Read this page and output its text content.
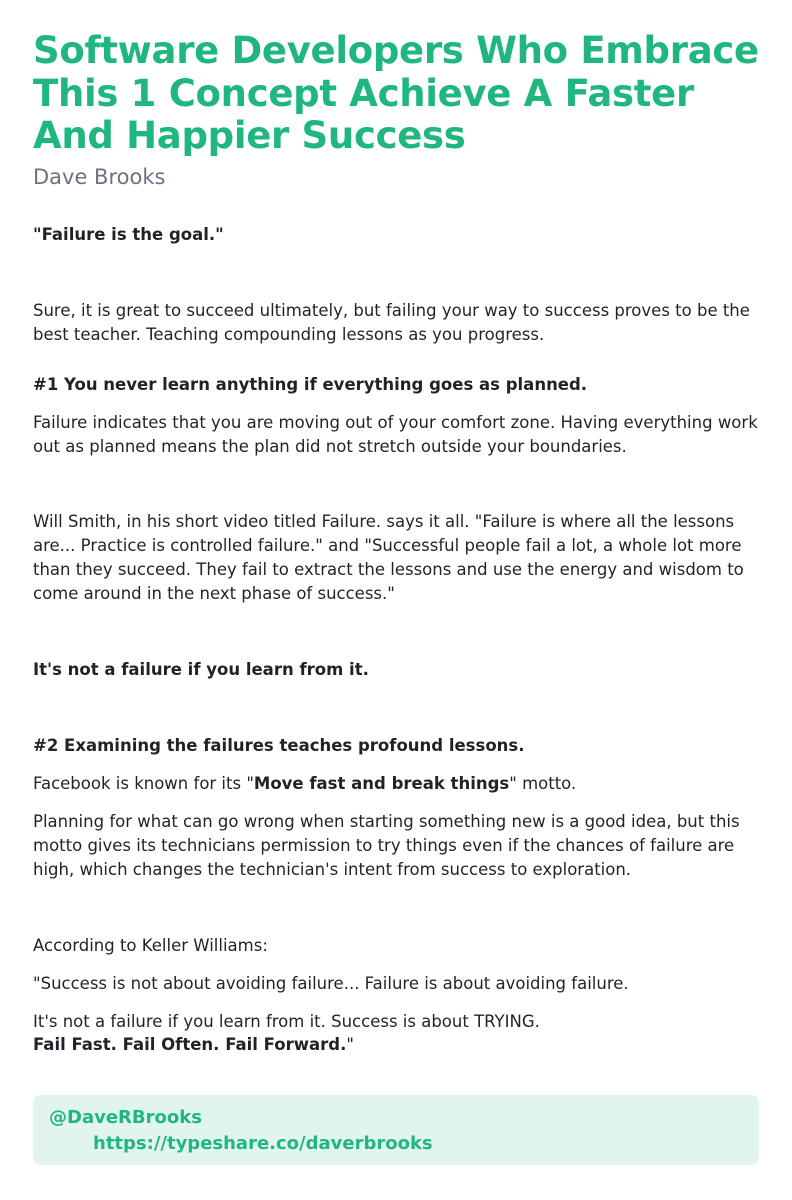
Software Developers Who Embrace This 1 Concept Achieve A Faster And Happier Success
Dave Brooks

"Failure is the goal."

Sure, it is great to succeed ultimately, but failing your way to success proves to be the best teacher. Teaching compounding lessons as you progress.

#1 You never learn anything if everything goes as planned.

Failure indicates that you are moving out of your comfort zone. Having everything work out as planned means the plan did not stretch outside your boundaries.

Will Smith, in his short video titled Failure. says it all. "Failure is where all the lessons are... Practice is controlled failure." and "Successful people fail a lot, a whole lot more than they succeed. They fail to extract the lessons and use the energy and wisdom to come around in the next phase of success."

It's not a failure if you learn from it.

#2 Examining the failures teaches profound lessons.

Facebook is known for its "Move fast and break things" motto.

Planning for what can go wrong when starting something new is a good idea, but this motto gives its technicians permission to try things even if the chances of failure are high, which changes the technician's intent from success to exploration.

According to Keller Williams:

"Success is not about avoiding failure... Failure is about avoiding failure.

It's not a failure if you learn from it. Success is about TRYING.

Fail Fast. Fail Often. Fail Forward."

@DaveRBrooks
https://typeshare.co/daverbrooks
